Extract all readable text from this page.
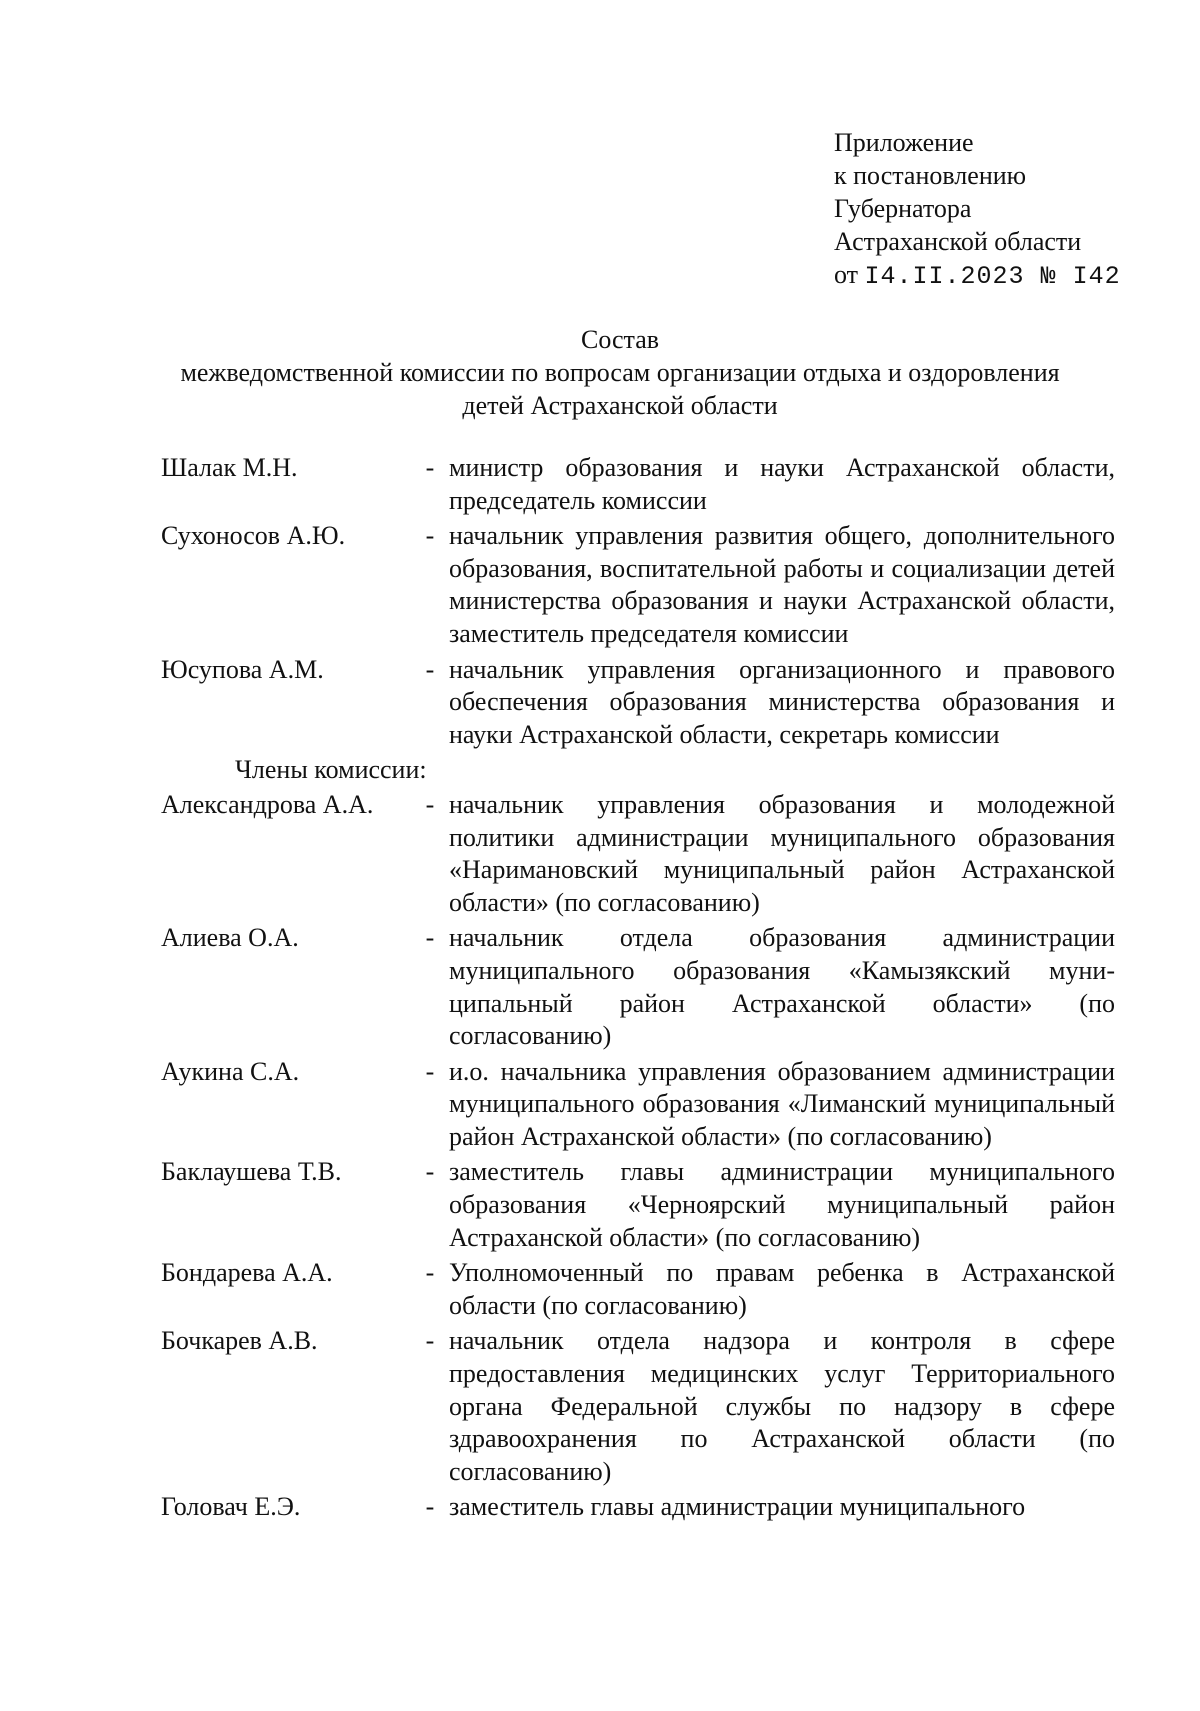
Приложение
к постановлению
Губернатора
Астраханской области
от I4.II.2023 № I42
Состав
межведомственной комиссии по вопросам организации отдыха и оздоровления
детей Астраханской области
Шалак М.Н.	- министр образования и науки Астраханской области, председатель комиссии
Сухоносов А.Ю.	- начальник управления развития общего, дополнительного образования, воспитательной работы и социализации детей министерства образования и науки Астраханской области, заместитель председателя комиссии
Юсупова А.М.	- начальник управления организационного и правового обеспечения образования министерства образования и науки Астраханской области, секретарь комиссии
Члены комиссии:
Александрова А.А.	- начальник управления образования и молодежной политики администрации муниципального образования «Наримановский муниципальный район Астраханской области» (по согласованию)
Алиева О.А.	- начальник отдела образования администрации муниципального образования «Камызякский муниципальный район Астраханской области» (по согласованию)
Аукина С.А.	- и.о. начальника управления образованием администрации муниципального образования «Лиманский муниципальный район Астраханской области» (по согласованию)
Баклаушева Т.В.	- заместитель главы администрации муниципального образования «Черноярский муниципальный район Астраханской области» (по согласованию)
Бондарева А.А.	- Уполномоченный по правам ребенка в Астраханской области (по согласованию)
Бочкарев А.В.	- начальник отдела надзора и контроля в сфере предоставления медицинских услуг Территориального органа Федеральной службы по надзору в сфере здравоохранения по Астраханской области (по согласованию)
Головач Е.Э.	- заместитель главы администрации муниципального
